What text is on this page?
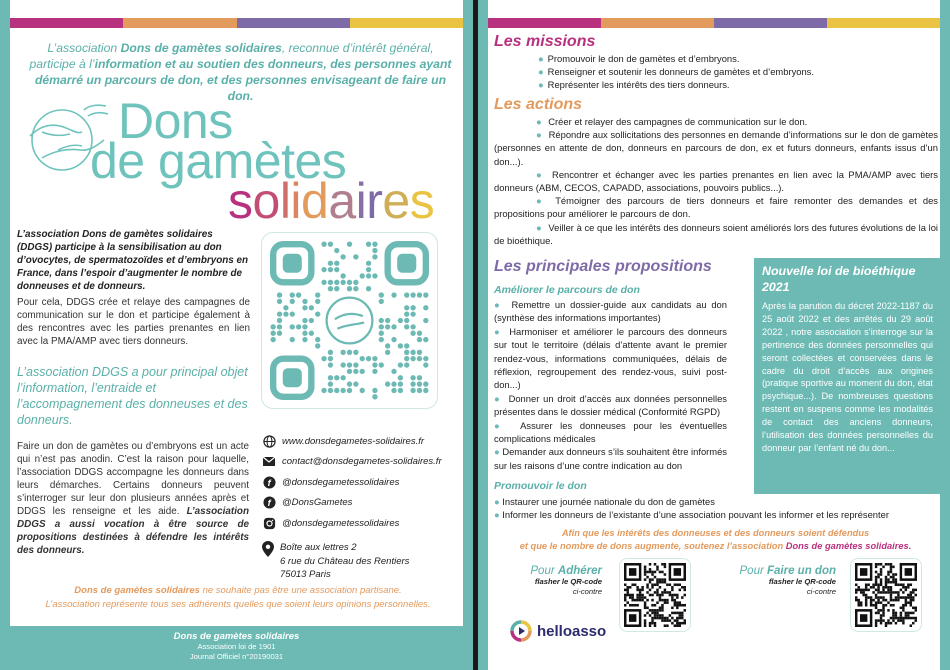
L’association Dons de gamètes solidaires, reconnue d’intérêt général, participe à l’information et au soutien des donneurs, des personnes ayant démarré un parcours de don, et des personnes envisageant de faire un don.

Dons
de gamètes
solidaires

L’association Dons de gamètes solidaires (DDGS) participe à la sensibilisation au don d’ovocytes, de spermatozoïdes et d’embryons en France, dans l’espoir d’augmenter le nombre de donneuses et de donneurs.

Pour cela, DDGS crée et relaye des campagnes de communication sur le don et participe également à des rencontres avec les parties prenantes en lien avec la PMA/AMP avec tiers donneurs.

L’association DDGS a pour principal objet l’information, l’entraide et l’accompagnement des donneuses et des donneurs.

Faire un don de gamètes ou d’embryons est un acte qui n’est pas anodin. C’est la raison pour laquelle, l’association DDGS accompagne les donneurs dans leurs démarches. Certains donneurs peuvent s’interroger sur leur don plusieurs années après et DDGS les renseigne et les aide. L’association DDGS a aussi vocation à être source de propositions destinées à défendre les intérêts des donneurs.

www.donsdegametes-solidaires.fr
contact@donsdegametes-solidaires.fr
f @donsdegametessolidaires
f @DonsGametes
@donsdegametessolidaires
Boîte aux lettres 2
6 rue du Château des Rentiers
75013 Paris
Dons de gamètes solidaires ne souhaite pas être une association partisane.
L’association représente tous ses adhérents quelles que soient leurs opinions personnelles.
Dons de gamètes solidaires
Association loi de 1901
Journal Officiel n°20190031
Les missions
● Promouvoir le don de gamètes et d’embryons.
● Renseigner et soutenir les donneurs de gamètes et d’embryons.
● Représenter les intérêts des tiers donneurs.
Les actions
● Créer et relayer des campagnes de communication sur le don.
● Répondre aux sollicitations des personnes en demande d’informations sur le don de gamètes (personnes en attente de don, donneurs en parcours de don, ex et futurs donneurs, enfants issus d’un don...).
● Rencontrer et échanger avec les parties prenantes en lien avec la PMA/AMP avec tiers donneurs (ABM, CECOS, CAPADD, associations, pouvoirs publics...).
● Témoigner des parcours de tiers donneurs et faire remonter des demandes et des propositions pour améliorer le parcours de don.
● Veiller à ce que les intérêts des donneurs soient améliorés lors des futures évolutions de la loi de bioéthique.
Les principales propositions
Améliorer le parcours de don

● Remettre un dossier-guide aux candidats au don (synthèse des informations importantes)

● Harmoniser et améliorer le parcours des donneurs sur tout le territoire (délais d’attente avant le premier rendez-vous, informations communiquées, délais de réflexion, regroupement des rendez-vous, suivi post-don...)

● Donner un droit d’accès aux données personnelles présentes dans le dossier médical (Conformité RGPD)

● Assurer les donneuses pour les éventuelles complications médicales

● Demander aux donneurs s’ils souhaitent être informés sur les raisons d’une contre indication au don

Promouvoir le don
● Instaurer une journée nationale du don de gamètes
● Informer les donneurs de l’existante d’une association pouvant les informer et les représenter
Nouvelle loi de bioéthique 2021
Après la parution du décret 2022-1187 du 25 août 2022 et des arrêtés du 29 août 2022 , notre association s’interroge sur la pertinence des données personnelles qui seront collectées et conservées dans le cadre du droit d’accès aux origines (pratique sportive au moment du don, état psychique...). De nombreuses questions restent en suspens comme les modalités de contact des anciens donneurs, l’utilisation des données personnelles du donneur par l’enfant né du don...
Afin que les intérêts des donneuses et des donneurs soient défendus
et que le nombre de dons augmente, soutenez l’association Dons de gamètes solidaires.
Pour Adhérer
flasher le QR-code
ci-contre
Pour Faire un don
flasher le QR-code
ci-contre
helloasso
